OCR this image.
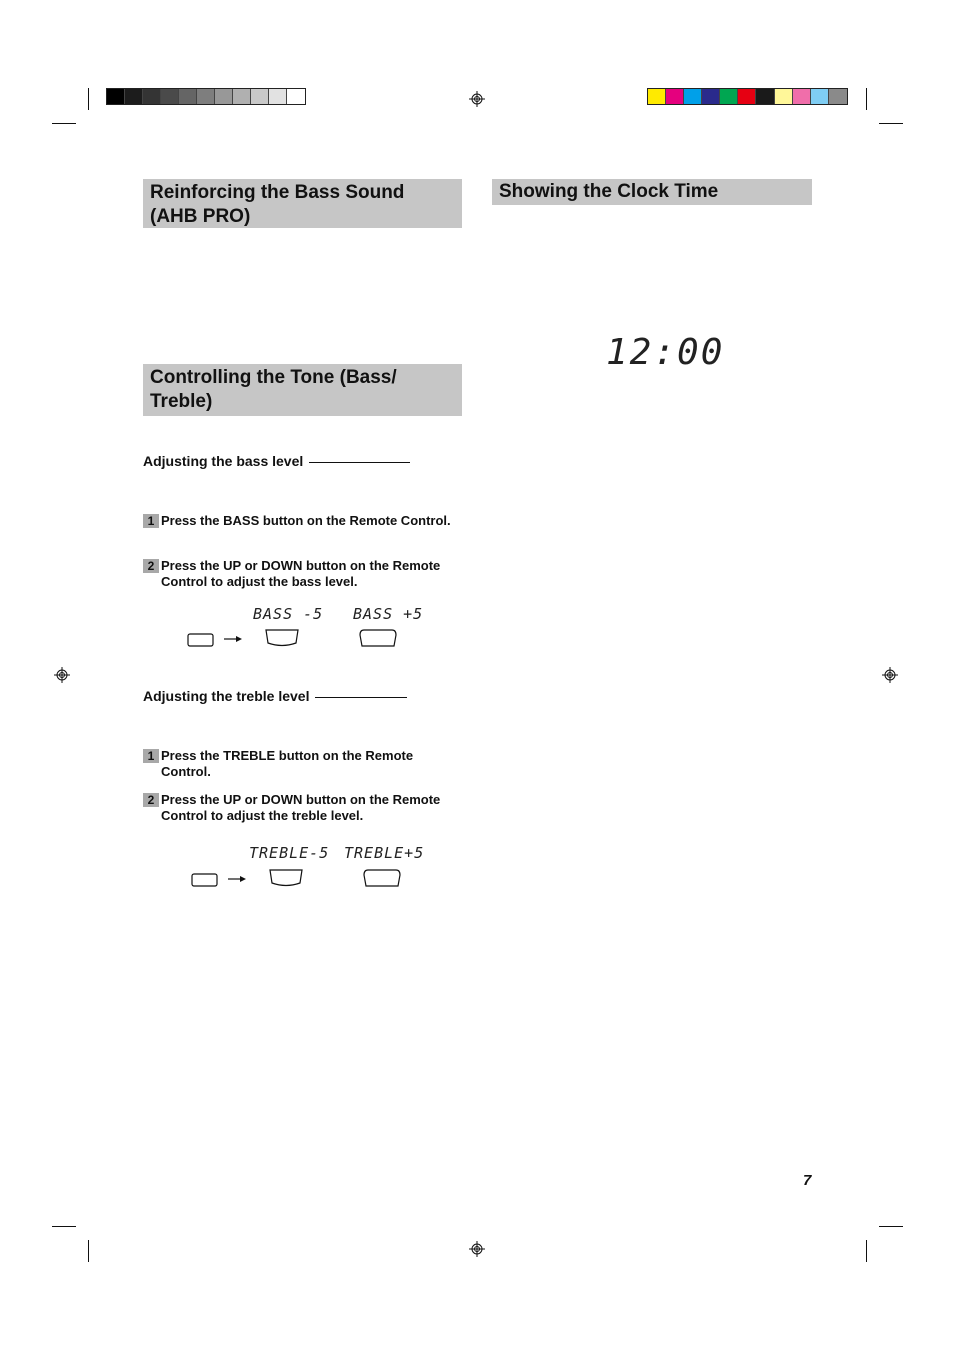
Reinforcing the Bass Sound (AHB PRO)
Controlling the Tone (Bass/ Treble)
Showing the Clock Time
12:00
Adjusting the bass level
1 Press the BASS button on the Remote Control.
2 Press the UP or DOWN button on the Remote Control to adjust the bass level.
BASS -5 BASS +5
Adjusting the treble level
1 Press the TREBLE button on the Remote Control.
2 Press the UP or DOWN button on the Remote Control to adjust the treble level.
TREBLE-5 TREBLE+5
7
